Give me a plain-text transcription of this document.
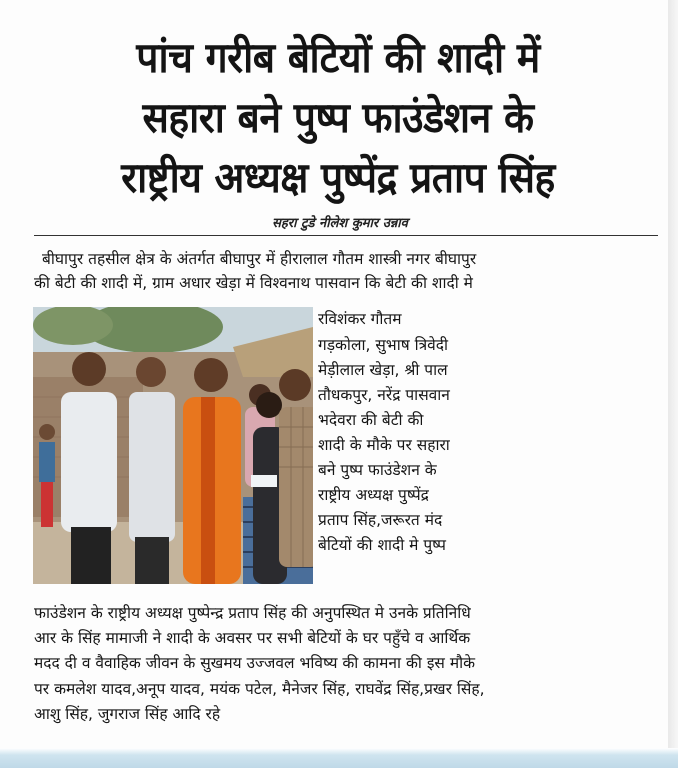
पांच गरीब बेटियों की शादी में
सहारा बने पुष्प फाउंडेशन के
राष्ट्रीय अध्यक्ष पुष्पेंद्र प्रताप सिंह
सहरा टुडे नीलेश कुमार उन्नाव
बीघापुर तहसील क्षेत्र के अंतर्गत बीघापुर में हीरालाल गौतम शास्त्री नगर बीघापुर
की बेटी की शादी में, ग्राम अधार खेड़ा में विश्वनाथ पासवान कि बेटी की शादी मे
रविशंकर गौतम
गड़कोला, सुभाष त्रिवेदी
मेड़ीलाल खेड़ा, श्री पाल
तौधकपुर, नरेंद्र पासवान
भदेवरा की बेटी की
शादी के मौके पर सहारा
बने पुष्प फाउंडेशन के
राष्ट्रीय अध्यक्ष पुष्पेंद्र
प्रताप सिंह,जरूरत मंद
बेटियों की शादी मे पुष्प
फाउंडेशन के राष्ट्रीय अध्यक्ष पुष्पेन्द्र प्रताप सिंह की अनुपस्थित मे उनके प्रतिनिधि
आर के सिंह मामाजी ने शादी के अवसर पर सभी बेटियों के घर पहुँचे व आर्थिक
मदद दी व वैवाहिक जीवन के सुखमय उज्जवल भविष्य की कामना की इस मौके
पर कमलेश यादव,अनूप यादव, मयंक पटेल, मैनेजर सिंह, राघवेंद्र सिंह,प्रखर सिंह,
आशु सिंह, जुगराज सिंह आदि रहे
